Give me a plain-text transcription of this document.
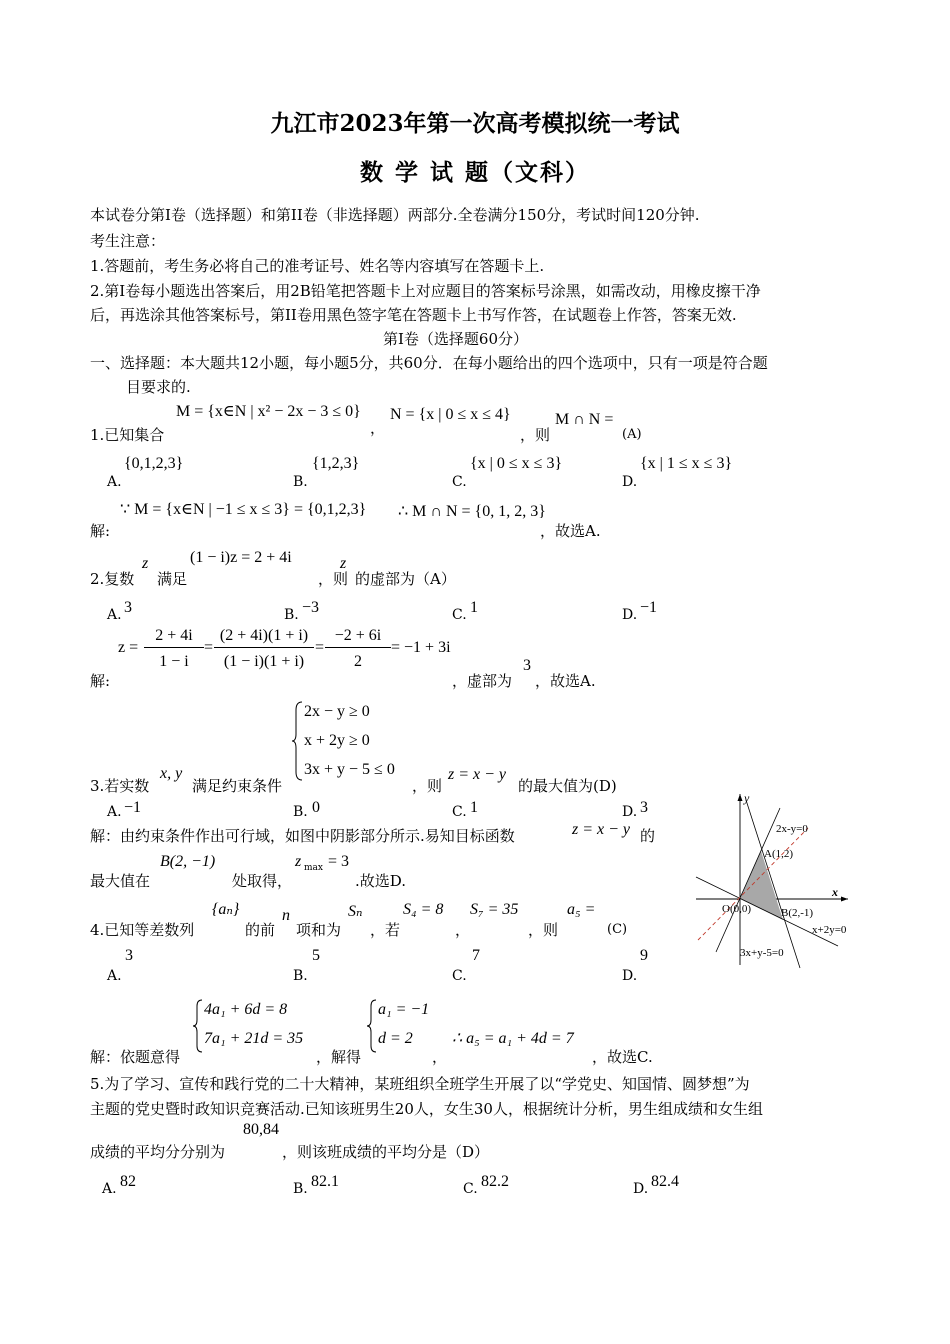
九江市2023年第一次高考模拟统一考试
数 学 试 题（文科）
本试卷分第I卷（选择题）和第II卷（非选择题）两部分.全卷满分150分，考试时间120分钟.
考生注意：
1.答题前，考生务必将自己的准考证号、姓名等内容填写在答题卡上.
2.第I卷每小题选出答案后，用2B铅笔把答题卡上对应题目的答案标号涂黑，如需改动，用橡皮擦干净
后，再选涂其他答案标号，第II卷用黑色签字笔在答题卡上书写作答，在试题卷上作答，答案无效.
第I卷（选择题60分）
一、选择题：本大题共12小题，每小题5分，共60分．在每小题给出的四个选项中，只有一项是符合题
目要求的.
M = {x∈N | x² − 2x − 3 ≤ 0}
1.已知集合	，
N = {x | 0 ≤ x ≤ 4}
，则
M ∩ N =
(A)
A.
{0,1,2,3}
B.
{1,2,3}
C.
{x | 0 ≤ x ≤ 3}
D.
{x | 1 ≤ x ≤ 3}
∵ M = {x∈N | −1 ≤ x ≤ 3} = {0,1,2,3} ∴ M ∩ N = {0, 1, 2, 3}
解:	，故选A.
2.复数
z
满足
(1 − i)z = 2 + 4i
，则
z
的虚部为（A）
A. 3	B. −3	C. 1	D. −1
z =
2 + 4i
1 − i
=
(2 + 4i)(1 + i)
(1 − i)(1 + i)
=
−2 + 6i
2
= −1 + 3i
解:	，虚部为
3
，故选A.
2x − y ≥ 0
x + 2y ≥ 0
3x + y − 5 ≤ 0
3.若实数
x, y
满足约束条件	，则
z = x − y
的最大值为(D)
A. −1	B. 0	C. 1	D. 3
解：由约束条件作出可行域，如图中阴影部分所示.易知目标函数	z = x − y 的
最大值在
B(2, −1)
处取得，
z max = 3
.故选D.
y
x
2x-y=0
A(1,2)
O(0,0)	B(2,-1)
x+2y=0
3x+y-5=0
4.已知等差数列
{aₙ}
的前
n
项和为
Sₙ
，若
S₄ = 8
，
S₇ = 35
，则
a₅ =
(C)
3
A.
5
B.
7
C.
9
D.
4a₁ + 6d = 8
7a₁ + 21d = 35
a₁ = −1
d = 2
解：依题意得	，解得	，
∴ a₅ = a₁ + 4d = 7
，故选C.
5.为了学习、宣传和践行党的二十大精神，某班组织全班学生开展了以“学党史、知国情、圆梦想”为
主题的党史暨时政知识竞赛活动.已知该班男生20人，女生30人，根据统计分析，男生组成绩和女生组
80,84
成绩的平均分分别为	，则该班成绩的平均分是（D）
A. 82	B. 82.1	C. 82.2	D. 82.4
